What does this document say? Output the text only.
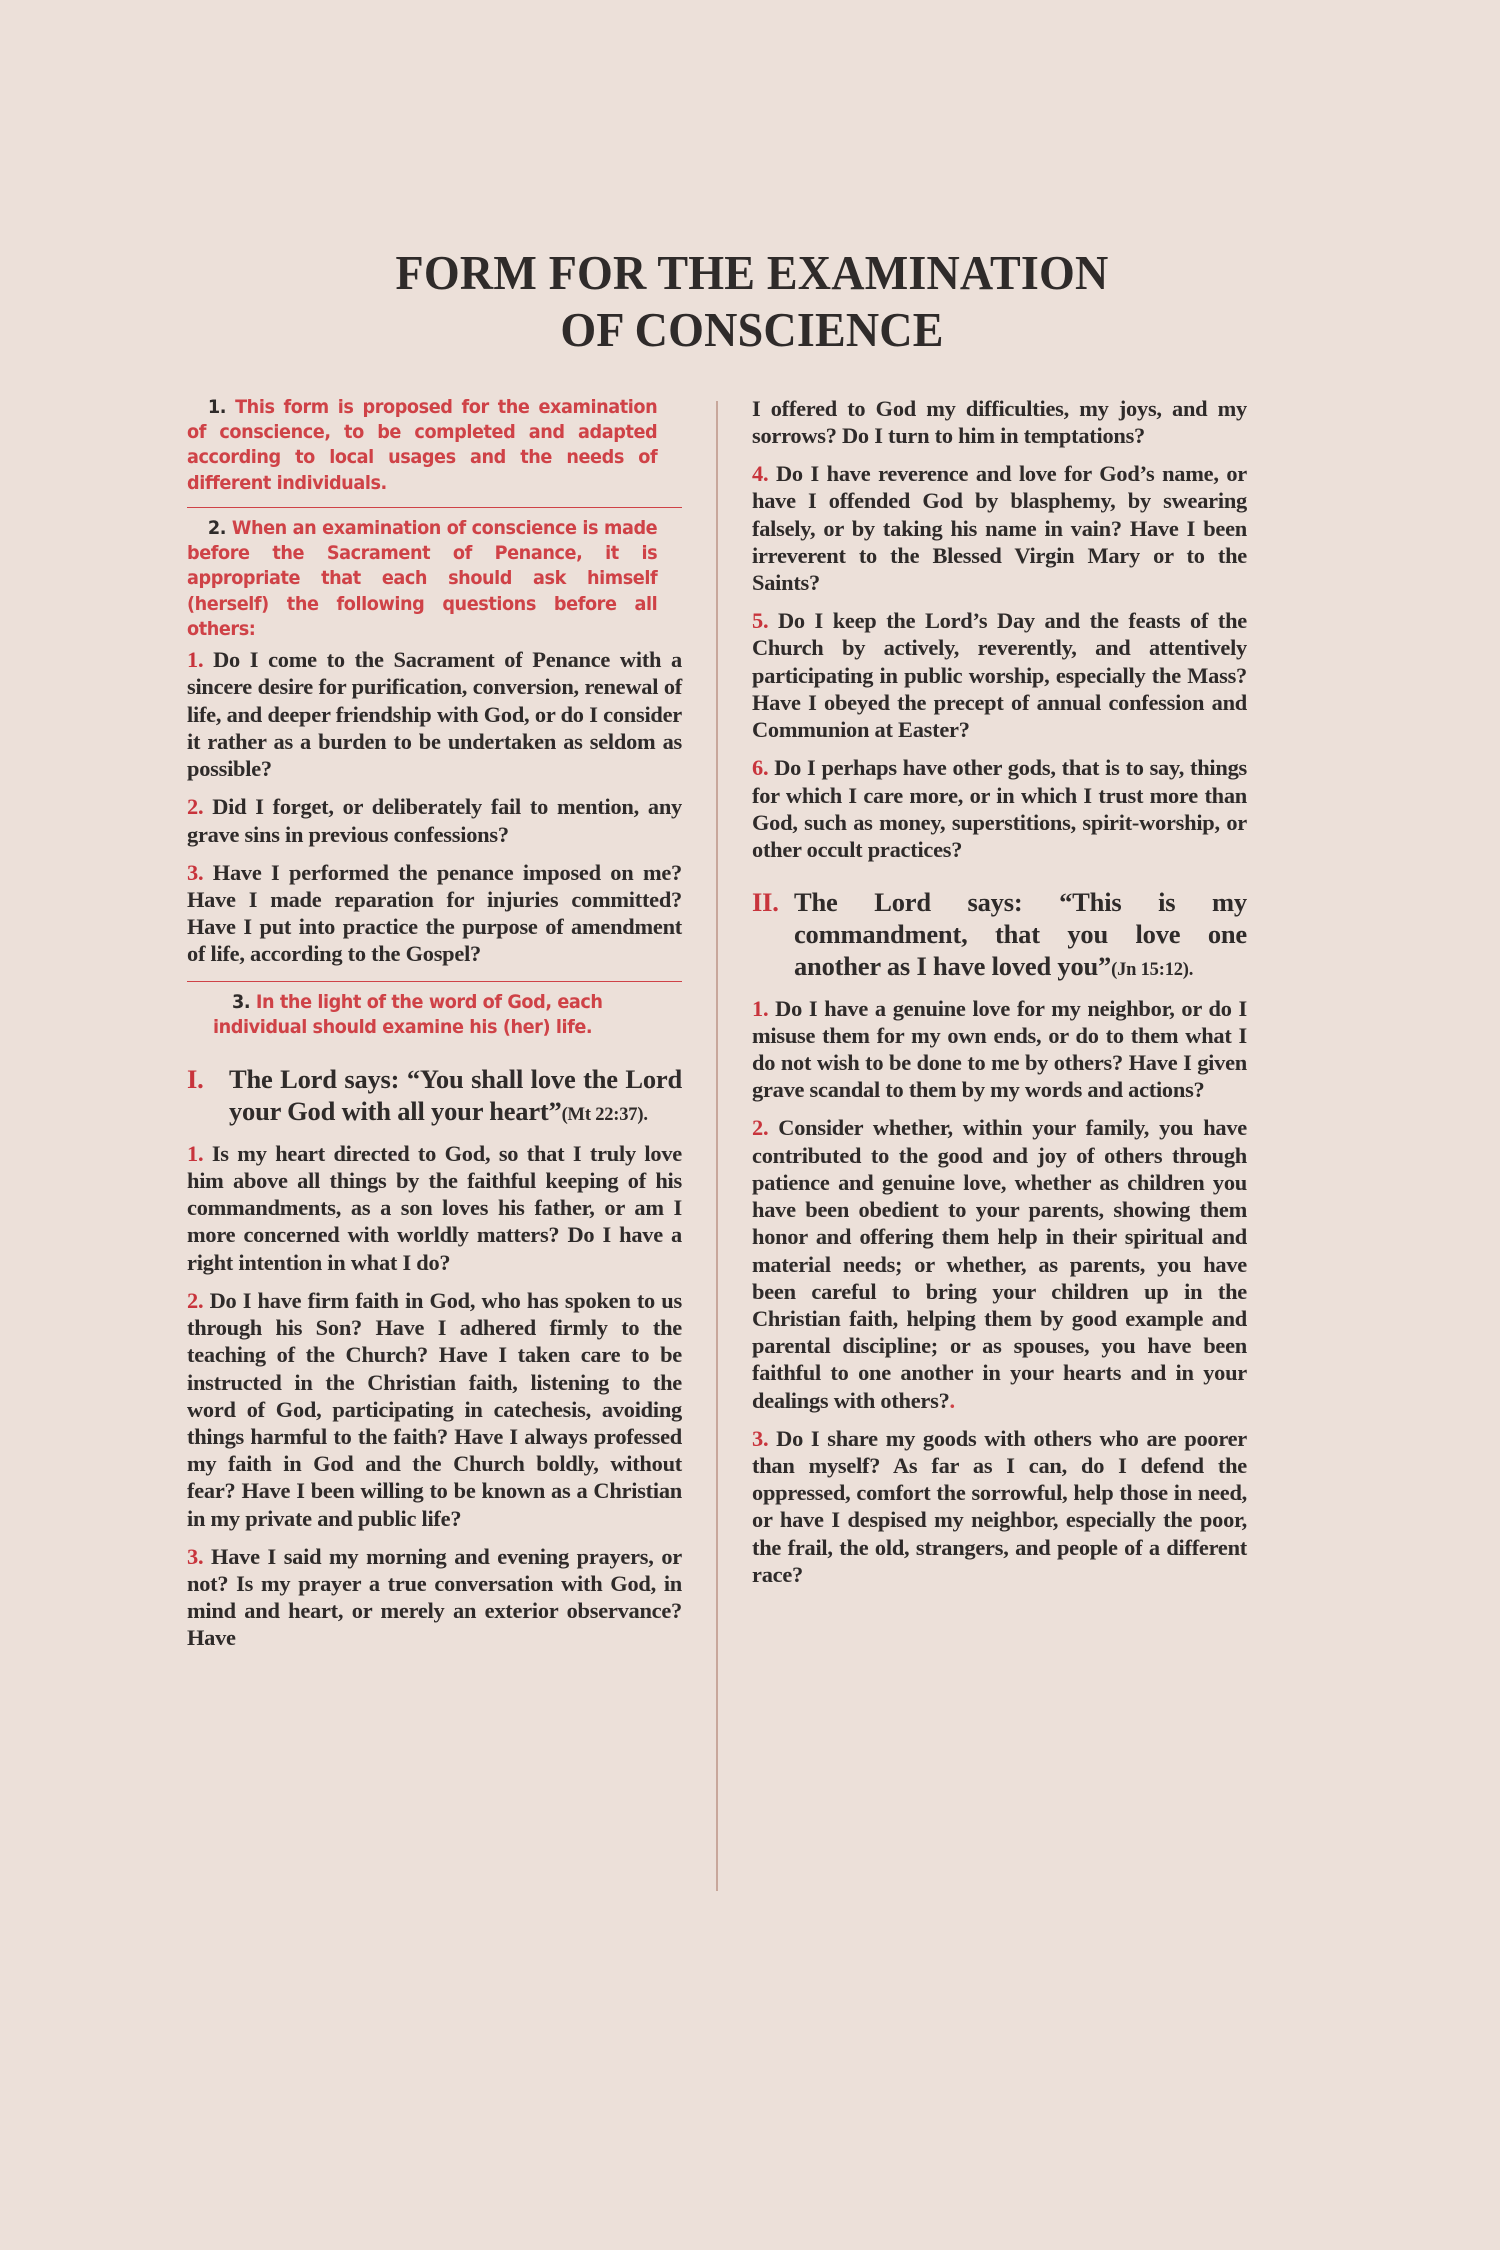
FORM FOR THE EXAMINATION
OF CONSCIENCE

1. This form is proposed for the examination of conscience, to be completed and adapted according to local usages and the needs of different individuals.

2. When an examination of conscience is made before the Sacrament of Penance, it is appropriate that each should ask himself (herself) the following questions before all others:

1. Do I come to the Sacrament of Penance with a sincere desire for purification, conversion, renewal of life, and deeper friendship with God, or do I consider it rather as a burden to be undertaken as seldom as possible?

2. Did I forget, or deliberately fail to mention, any grave sins in previous confessions?

3. Have I performed the penance imposed on me? Have I made reparation for injuries committed? Have I put into practice the purpose of amendment of life, according to the Gospel?

3. In the light of the word of God, each individual should examine his (her) life.

I. The Lord says: “You shall love the Lord your God with all your heart”(Mt 22:37).

1. Is my heart directed to God, so that I truly love him above all things by the faithful keeping of his commandments, as a son loves his father, or am I more concerned with worldly matters? Do I have a right intention in what I do?

2. Do I have firm faith in God, who has spoken to us through his Son? Have I adhered firmly to the teaching of the Church? Have I taken care to be instructed in the Christian faith, listening to the word of God, participating in catechesis, avoiding things harmful to the faith? Have I always professed my faith in God and the Church boldly, without fear? Have I been willing to be known as a Christian in my private and public life?

3. Have I said my morning and evening prayers, or not? Is my prayer a true conversation with God, in mind and heart, or merely an exterior observance? Have

I offered to God my difficulties, my joys, and my sorrows? Do I turn to him in temptations?

4. Do I have reverence and love for God’s name, or have I offended God by blasphemy, by swearing falsely, or by taking his name in vain? Have I been irreverent to the Blessed Virgin Mary or to the Saints?

5. Do I keep the Lord’s Day and the feasts of the Church by actively, reverently, and attentively participating in public worship, especially the Mass? Have I obeyed the precept of annual confession and Communion at Easter?

6. Do I perhaps have other gods, that is to say, things for which I care more, or in which I trust more than God, such as money, superstitions, spirit-worship, or other occult practices?

II. The Lord says: “This is my commandment, that you love one another as I have loved you”(Jn 15:12).

1. Do I have a genuine love for my neighbor, or do I misuse them for my own ends, or do to them what I do not wish to be done to me by others? Have I given grave scandal to them by my words and actions?

2. Consider whether, within your family, you have contributed to the good and joy of others through patience and genuine love, whether as children you have been obedient to your parents, showing them honor and offering them help in their spiritual and material needs; or whether, as parents, you have been careful to bring your children up in the Christian faith, helping them by good example and parental discipline; or as spouses, you have been faithful to one another in your hearts and in your dealings with others?.

3. Do I share my goods with others who are poorer than myself? As far as I can, do I defend the oppressed, comfort the sorrowful, help those in need, or have I despised my neighbor, especially the poor, the frail, the old, strangers, and people of a different race?
